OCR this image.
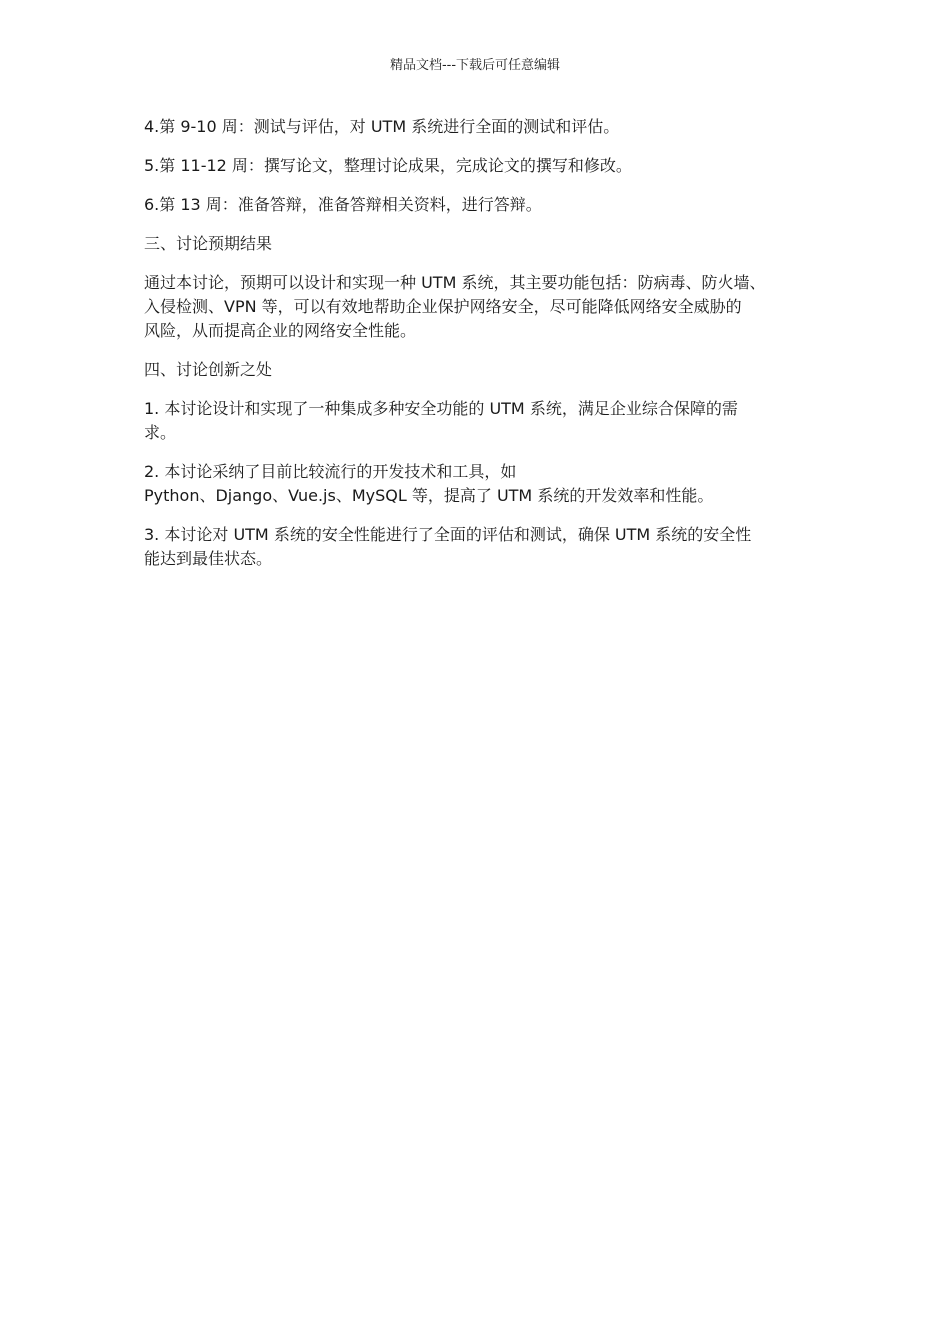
精品文档---下载后可任意编辑

4.第 9-10 周：测试与评估，对 UTM 系统进行全面的测试和评估。

5.第 11-12 周：撰写论文，整理讨论成果，完成论文的撰写和修改。

6.第 13 周：准备答辩，准备答辩相关资料，进行答辩。

三、讨论预期结果

通过本讨论，预期可以设计和实现一种 UTM 系统，其主要功能包括：防病毒、防火墙、
入侵检测、VPN 等，可以有效地帮助企业保护网络安全，尽可能降低网络安全威胁的
风险，从而提高企业的网络安全性能。

四、讨论创新之处

1. 本讨论设计和实现了一种集成多种安全功能的 UTM 系统，满足企业综合保障的需
求。

2. 本讨论采纳了目前比较流行的开发技术和工具，如
Python、Django、Vue.js、MySQL 等，提高了 UTM 系统的开发效率和性能。

3. 本讨论对 UTM 系统的安全性能进行了全面的评估和测试，确保 UTM 系统的安全性
能达到最佳状态。
